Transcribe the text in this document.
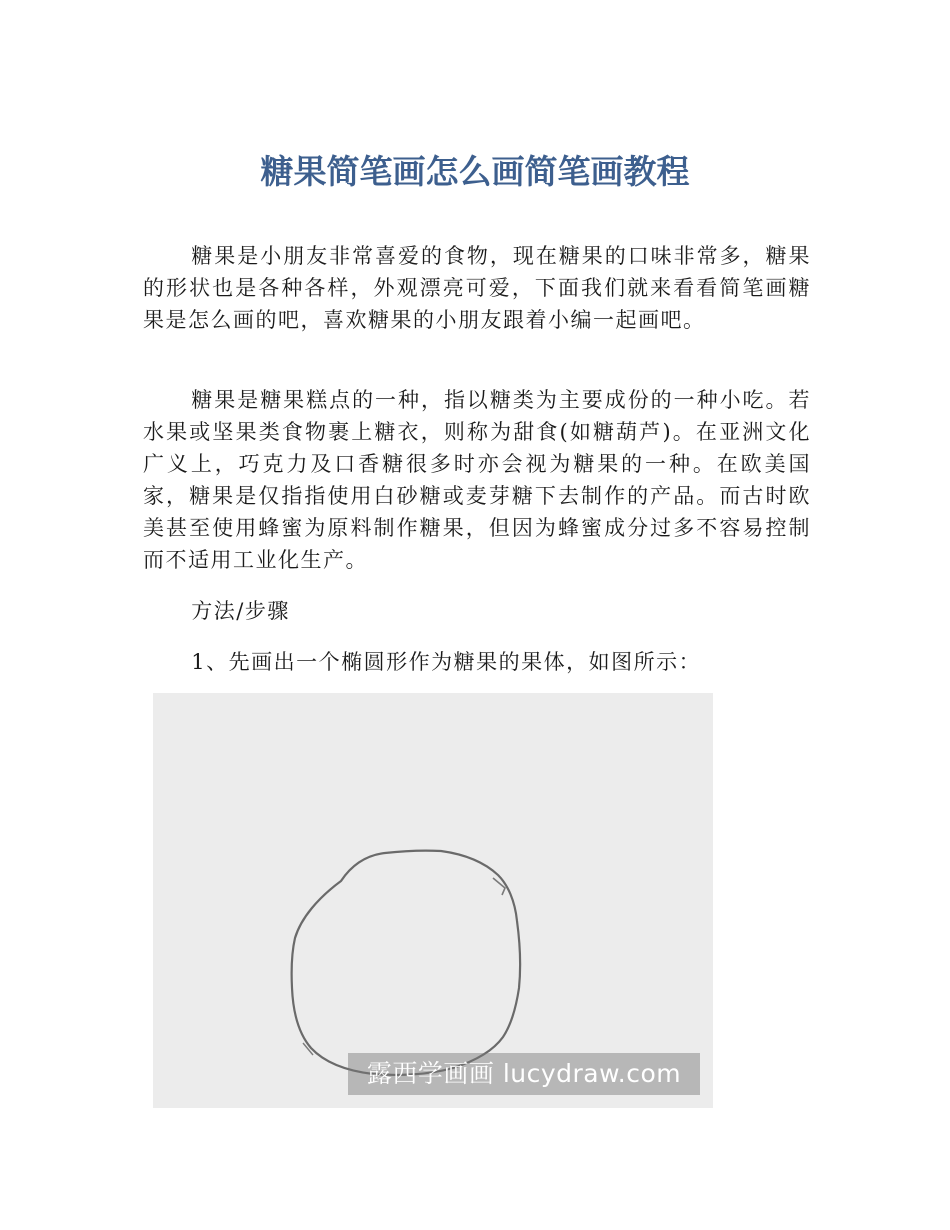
糖果简笔画怎么画简笔画教程

糖果是小朋友非常喜爱的食物，现在糖果的口味非常多，糖果的形状也是各种各样，外观漂亮可爱，下面我们就来看看简笔画糖果是怎么画的吧，喜欢糖果的小朋友跟着小编一起画吧。

糖果是糖果糕点的一种，指以糖类为主要成份的一种小吃。若水果或坚果类食物裹上糖衣，则称为甜食(如糖葫芦)。在亚洲文化广义上，巧克力及口香糖很多时亦会视为糖果的一种。在欧美国家，糖果是仅指指使用白砂糖或麦芽糖下去制作的产品。而古时欧美甚至使用蜂蜜为原料制作糖果，但因为蜂蜜成分过多不容易控制而不适用工业化生产。

方法/步骤

1、先画出一个椭圆形作为糖果的果体，如图所示：

露西学画画 lucydraw.com
